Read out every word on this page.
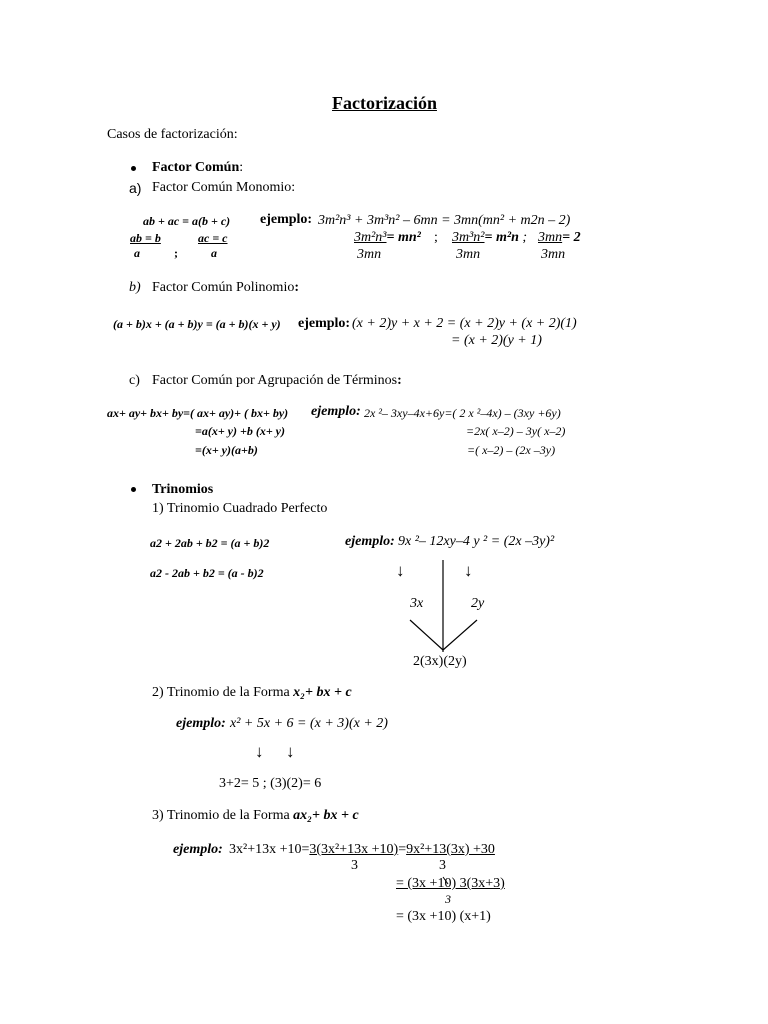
Factorización
Casos de factorización:
Factor Común:
a) Factor Común Monomio:
ab + ac = a(b + c)
ab = b
a	;
ac = c
a
ejemplo: 3m²n³ + 3m³n² – 6mn = 3mn(mn² + m2n – 2)
3m²n³= mn² ;
3mn
3m³n²= m²n ;
3mn
3mn= 2
3mn
b) Factor Común Polinomio:
(a + b)x + (a + b)y = (a + b)(x + y) ejemplo: (x + 2)y + x + 2 = (x + 2)y + (x + 2)(1)
= (x + 2)(y + 1)
c) Factor Común por Agrupación de Términos:
ax+ ay+ bx+ by=( ax+ ay)+ ( bx+ by)
=a(x+ y) +b (x+ y)
=(x+ y)(a+b)
ejemplo: 2x ²– 3xy–4x+6y=( 2 x ²–4x) – (3xy +6y)
=2x( x–2) – 3y( x–2)
=( x–2) – (2x –3y)
Trinomios
1) Trinomio Cuadrado Perfecto
a2 + 2ab + b2 = (a + b)2
a2 - 2ab + b2 = (a - b)2
ejemplo: 9x ²– 12xy–4 y ² = (2x –3y)²
↓	↓
3x	2y
2(3x)(2y)
2) Trinomio de la Forma x₂+ bx + c
ejemplo: x² + 5x + 6 = (x + 3)(x + 2)
↓ ↓
3+2= 5 ; (3)(2)= 6
3) Trinomio de la Forma ax₂+ bx + c
ejemplo: 3x²+13x +10=3(3x²+13x +10)=9x²+13(3x) +30
3	3
= (3x +10) 3(3x+3)
3
= (3x +10) (x+1)
